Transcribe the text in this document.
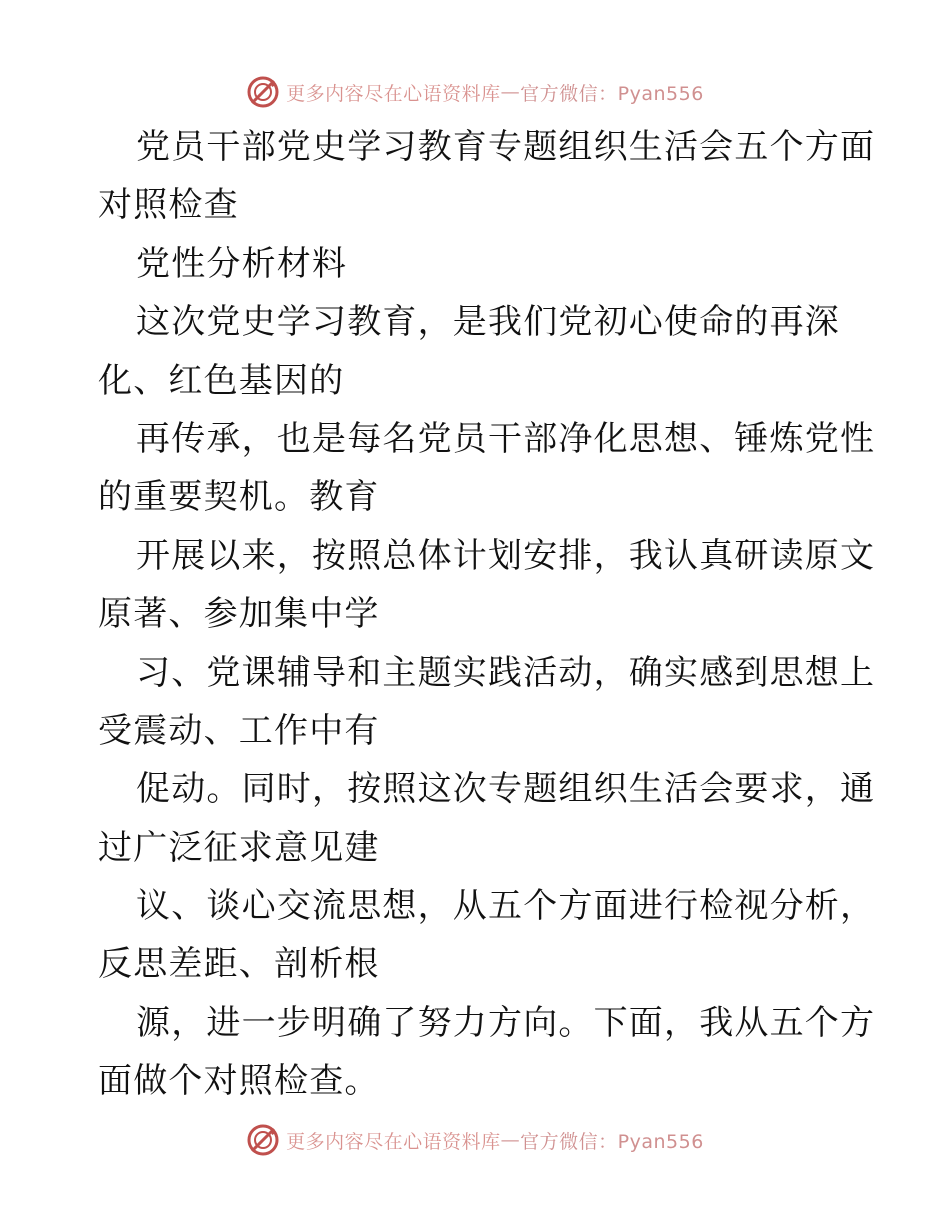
更多内容尽在心语资料库 — 官方微信：Pyan556
党员干部党史学习教育专题组织生活会五个方面
对照检查
党性分析材料
这次党史学习教育，是我们党初心使命的再深
化、红色基因的
再传承，也是每名党员干部净化思想、锤炼党性
的重要契机。教育
开展以来，按照总体计划安排，我认真研读原文
原著、参加集中学
习、党课辅导和主题实践活动，确实感到思想上
受震动、工作中有
促动。同时，按照这次专题组织生活会要求，通
过广泛征求意见建
议、谈心交流思想，从五个方面进行检视分析，
反思差距、剖析根
源，进一步明确了努力方向。下面，我从五个方
面做个对照检查。
更多内容尽在心语资料库 — 官方微信：Pyan556
